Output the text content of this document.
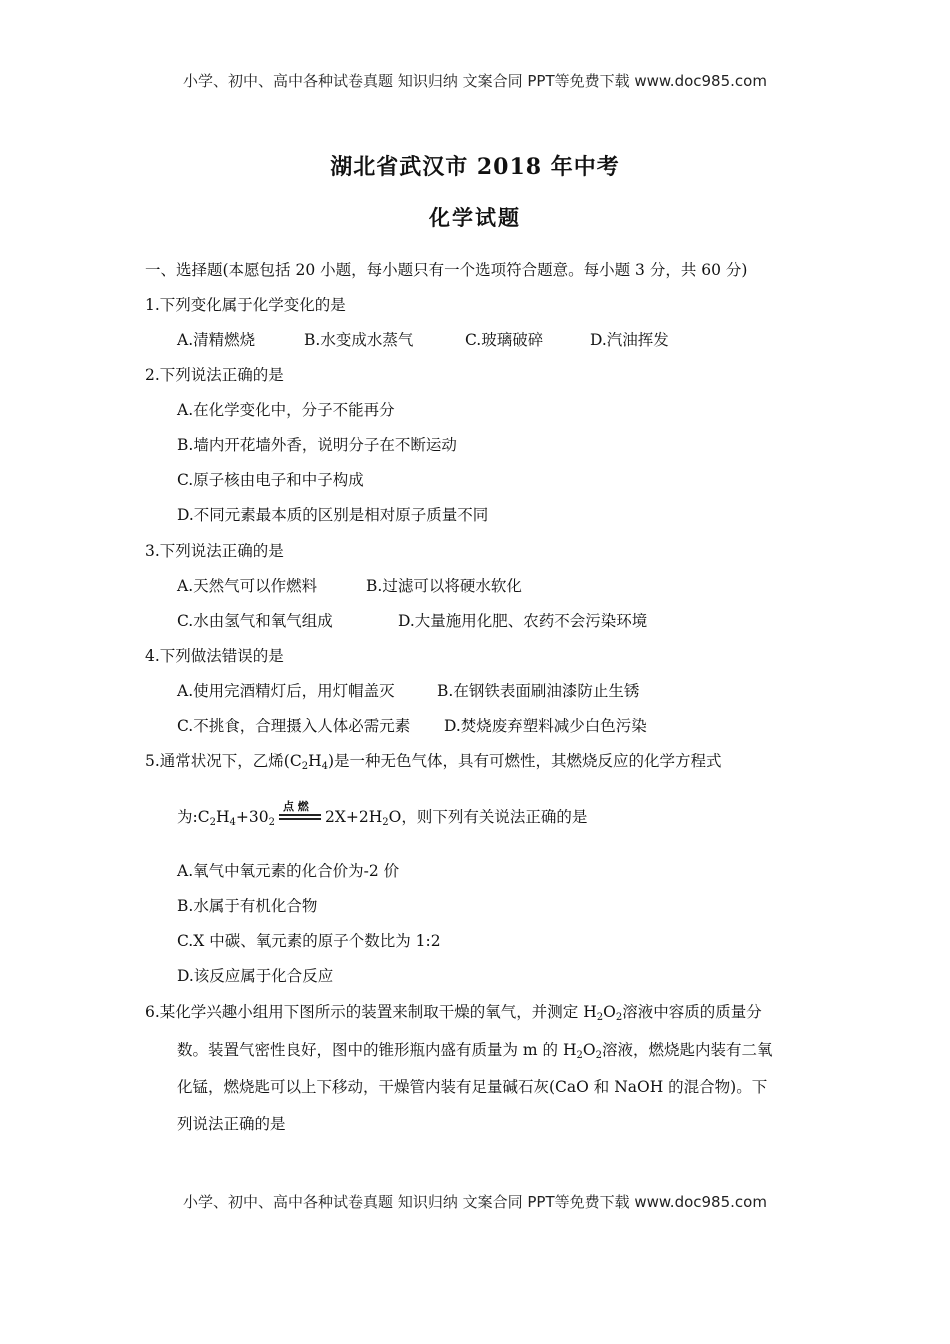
小学、初中、高中各种试卷真题 知识归纳 文案合同 PPT等免费下载 www.doc985.com
湖北省武汉市 2018 年中考
化学试题
一、选择题(本愿包括 20 小题，每小题只有一个选项符合题意。每小题 3 分，共 60 分)
1.下列变化属于化学变化的是
A.清精燃烧	B.水变成水蒸气	C.玻璃破碎	D.汽油挥发
2.下列说法正确的是
A.在化学变化中，分子不能再分
B.墙内开花墙外香，说明分子在不断运动
C.原子核由电子和中子构成
D.不同元素最本质的区别是相对原子质量不同
3.下列说法正确的是
A.天然气可以作燃料	B.过滤可以将硬水软化
C.水由氢气和氧气组成	D.大量施用化肥、农药不会污染环境
4.下列做法错误的是
A.使用完酒精灯后，用灯帽盖灭	B.在钢铁表面刷油漆防止生锈
C.不挑食，合理摄入人体必需元素 D.焚烧废弃塑料减少白色污染
5.通常状况下，乙烯$(C_2H_4)$是一种无色气体，具有可燃性，其燃烧反应的化学方程式
为$:C_2H_4+30_2$
点 燃
$2X+2H_2O$，则下列有关说法正确的是
A.氧气中氧元素的化合价为-2 价
B.水属于有机化合物
C.X 中碳、氧元素的原子个数比为 1:2
D.该反应属于化合反应
6.某化学兴趣小组用下图所示的装置来制取干燥的氧气，并测定 $H_2O_2$溶液中容质的质量分
数。装置气密性良好，图中的锥形瓶内盛有质量为 m 的 $H_2O_2$溶液，燃烧匙内装有二氧
化锰，燃烧匙可以上下移动，干燥管内装有足量碱石灰(CaO 和 NaOH 的混合物)。下
列说法正确的是
小学、初中、高中各种试卷真题 知识归纳 文案合同 PPT等免费下载 www.doc985.com
